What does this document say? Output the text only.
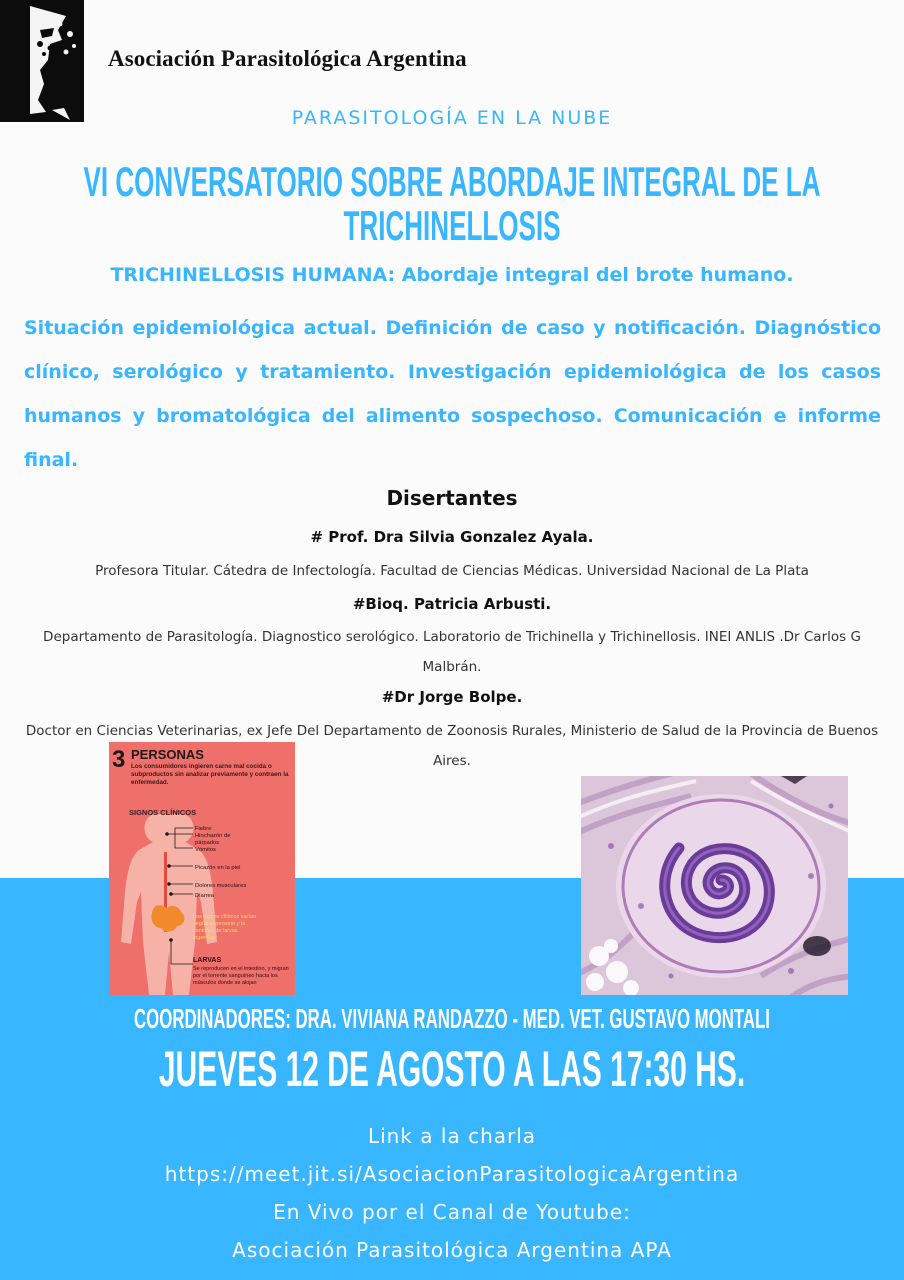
Asociación Parasitológica Argentina
PARASITOLOGÍA EN LA NUBE
VI CONVERSATORIO SOBRE ABORDAJE INTEGRAL DE LA
TRICHINELLOSIS
TRICHINELLOSIS HUMANA: Abordaje integral del brote humano.
Situación epidemiológica actual. Definición de caso y notificación. Diagnóstico clínico, serológico y tratamiento. Investigación epidemiológica de los casos humanos y bromatológica del alimento sospechoso. Comunicación e informe final.
Disertantes
# Prof. Dra Silvia Gonzalez Ayala.
Profesora Titular. Cátedra de Infectología. Facultad de Ciencias Médicas. Universidad Nacional de La Plata
#Bioq. Patricia Arbusti.
Departamento de Parasitología. Diagnostico serológico. Laboratorio de Trichinella y Trichinellosis. INEI ANLIS .Dr Carlos G Malbrán.
#Dr Jorge Bolpe.
Doctor en Ciencias Veterinarias, ex Jefe Del Departamento de Zoonosis Rurales, Ministerio de Salud de la Provincia de Buenos Aires.
3 PERSONAS
Los consumidores ingieren carne mal cocida o subproductos sin analizar previamente y contraen la enfermedad.
SIGNOS CLÍNICOS
Fiebre
Hinchazón de párpados
Vómitos
Picazón en la piel
Dolores musculares
Diarrea
Los signos clínicos varían según la persona y la cantidad de larvas ingeridas
LARVAS
Se reproducen en el intestino, y migran por el torrente sanguíneo hacia los músculos donde se alojan
COORDINADORES: DRA. VIVIANA RANDAZZO - MED. VET. GUSTAVO MONTALI
JUEVES 12 DE AGOSTO A LAS 17:30 HS.
Link a la charla
https://meet.jit.si/AsociacionParasitologicaArgentina
En Vivo por el Canal de Youtube:
Asociación Parasitológica Argentina APA
